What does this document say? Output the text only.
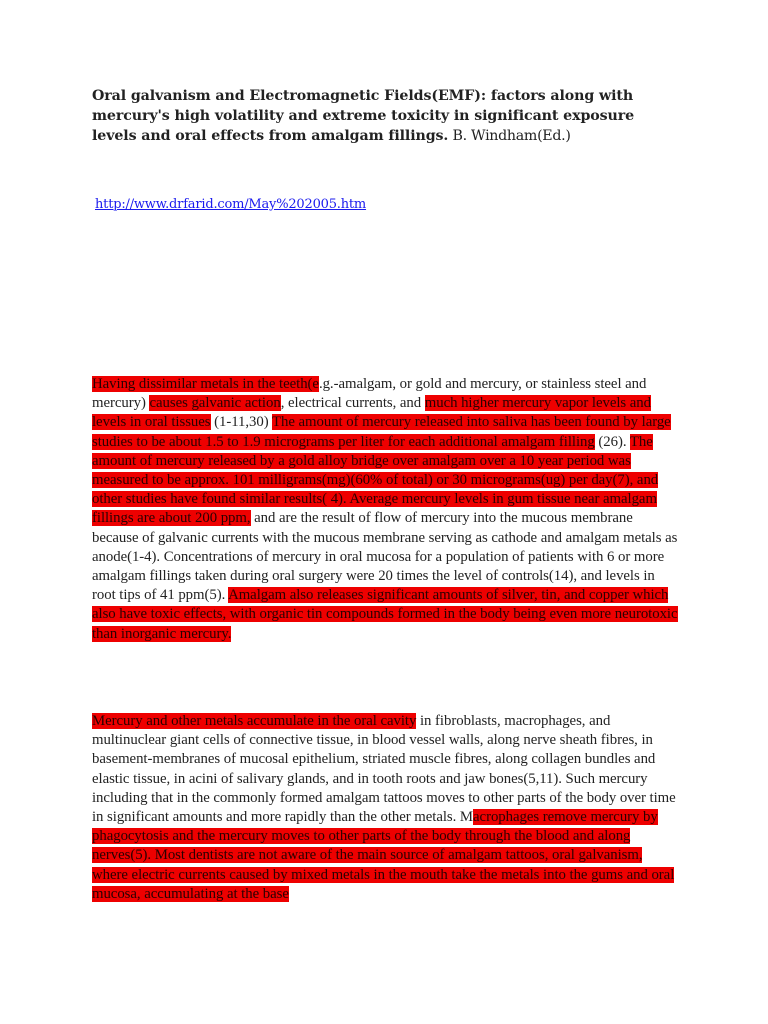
Oral galvanism and Electromagnetic Fields(EMF): factors along with mercury's high volatility and extreme toxicity in significant exposure levels and oral effects from amalgam fillings. B. Windham(Ed.)
http://www.drfarid.com/May%202005.htm
Having dissimilar metals in the teeth(e.g.-amalgam, or gold and mercury, or stainless steel and mercury) causes galvanic action, electrical currents, and much higher mercury vapor levels and levels in oral tissues (1-11,30) The amount of mercury released into saliva has been found by large studies to be about 1.5 to 1.9 micrograms per liter for each additional amalgam filling (26). The amount of mercury released by a gold alloy bridge over amalgam over a 10 year period was measured to be approx. 101 milligrams(mg)(60% of total) or 30 micrograms(ug) per day(7), and other studies have found similar results( 4). Average mercury levels in gum tissue near amalgam fillings are about 200 ppm, and are the result of flow of mercury into the mucous membrane because of galvanic currents with the mucous membrane serving as cathode and amalgam metals as anode(1-4). Concentrations of mercury in oral mucosa for a population of patients with 6 or more amalgam fillings taken during oral surgery were 20 times the level of controls(14), and levels in root tips of 41 ppm(5). Amalgam also releases significant amounts of silver, tin, and copper which also have toxic effects, with organic tin compounds formed in the body being even more neurotoxic than inorganic mercury.
Mercury and other metals accumulate in the oral cavity in fibroblasts, macrophages, and multinuclear giant cells of connective tissue, in blood vessel walls, along nerve sheath fibres, in basement-membranes of mucosal epithelium, striated muscle fibres, along collagen bundles and elastic tissue, in acini of salivary glands, and in tooth roots and jaw bones(5,11). Such mercury including that in the commonly formed amalgam tattoos moves to other parts of the body over time in significant amounts and more rapidly than the other metals. Macrophages remove mercury by phagocytosis and the mercury moves to other parts of the body through the blood and along nerves(5). Most dentists are not aware of the main source of amalgam tattoos, oral galvanism, where electric currents caused by mixed metals in the mouth take the metals into the gums and oral mucosa, accumulating at the base
